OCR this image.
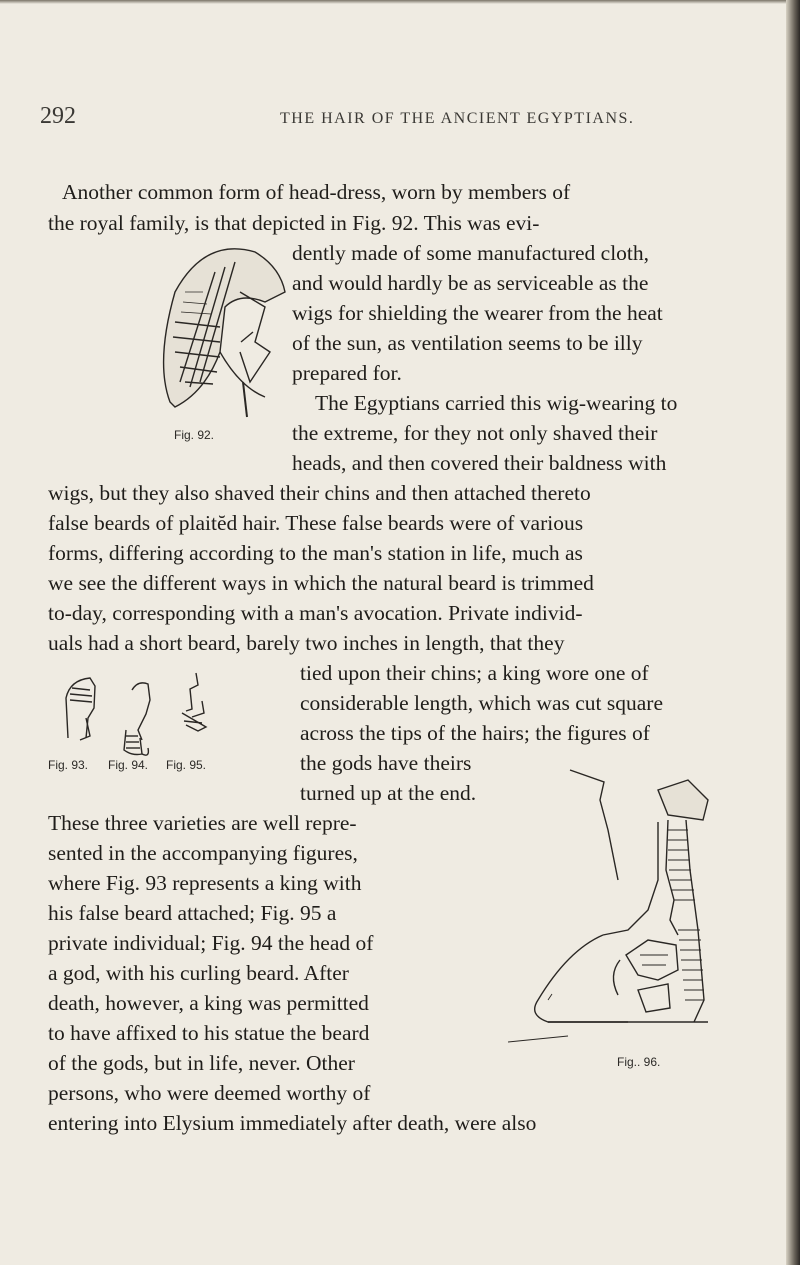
292	THE HAIR OF THE ANCIENT EGYPTIANS.
Another common form of head-dress, worn by members of
the royal family, is that depicted in Fig. 92. This was evi-
dently made of some manufactured cloth,
and would hardly be as serviceable as the
wigs for shielding the wearer from the heat
of the sun, as ventilation seems to be illy
prepared for.
The Egyptians carried this wig-wearing to
the extreme, for they not only shaved their
heads, and then covered their baldness with
wigs, but they also shaved their chins and then attached thereto
false beards of plaitĕd hair. These false beards were of various
forms, differing according to the man's station in life, much as
we see the different ways in which the natural beard is trimmed
to-day, corresponding with a man's avocation. Private individ-
uals had a short beard, barely two inches in length, that they
tied upon their chins; a king wore one of
considerable length, which was cut square
across the tips of the hairs; the figures of
the gods have theirs
turned up at the end.
These three varieties are well repre-
sented in the accompanying figures,
where Fig. 93 represents a king with
his false beard attached; Fig. 95 a
private individual; Fig. 94 the head of
a god, with his curling beard. After
death, however, a king was permitted
to have affixed to his statue the beard
of the gods, but in life, never. Other
persons, who were deemed worthy of
entering into Elysium immediately after death, were also
Fig. 92.
Fig. 93. Fig. 94. Fig. 95.
Fig.. 96.
